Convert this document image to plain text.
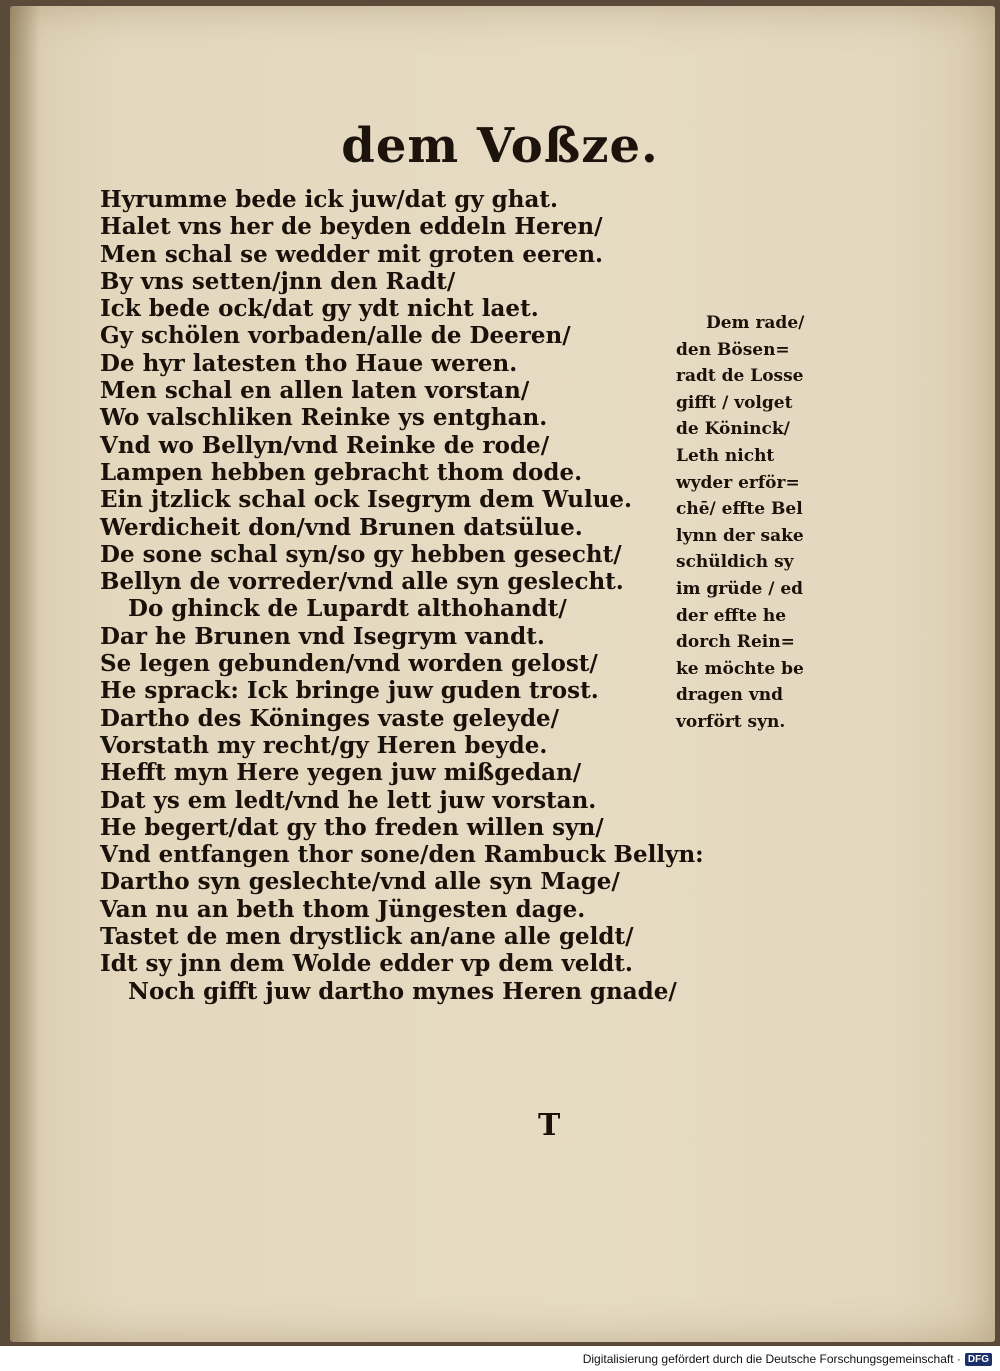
dem Voßze.
Hyrumme bede ick juw/dat gy ghat.
Halet vns her de beyden eddeln Heren/
Men schal se wedder mit groten eeren.
By vns setten/jnn den Radt/
Ick bede ock/dat gy ydt nicht laet.
Gy schölen vorbaden/alle de Deeren/
De hyr latesten tho Haue weren.
Men schal en allen laten vorstan/
Wo valschliken Reinke ys entghan.
Vnd wo Bellyn/vnd Reinke de rode/
Lampen hebben gebracht thom dode.
Ein jtzlick schal ock Isegrym dem Wulue.
Werdicheit don/vnd Brunen datsülue.
De sone schal syn/so gy hebben gesecht/
Bellyn de vorreder/vnd alle syn geslecht.
Do ghinck de Lupardt althohandt/
Dar he Brunen vnd Isegrym vandt.
Se legen gebunden/vnd worden gelost/
He sprack: Ick bringe juw guden trost.
Dartho des Köninges vaste geleyde/
Vorstath my recht/gy Heren beyde.
Hefft myn Here yegen juw mißgedan/
Dat ys em ledt/vnd he lett juw vorstan.
He begert/dat gy tho freden willen syn/
Vnd entfangen thor sone/den Rambuck Bellyn:
Dartho syn geslechte/vnd alle syn Mage/
Van nu an beth thom Jüngesten dage.
Tastet de men drystlick an/ane alle geldt/
Idt sy jnn dem Wolde edder vp dem veldt.
Noch gifft juw dartho mynes Heren gnade/
T
Dem rade/
den Bösen=
radt de Losse
gifft / volget
de Köninck/
Leth nicht
wyder erför=
chē/ effte Bel
lynn der sake
schüldich sy
im grüde / ed
der effte he
dorch Rein=
ke möchte be
dragen vnd
vorfört syn.
Digitalisierung gefördert durch die Deutsche Forschungsgemeinschaft · DFG
